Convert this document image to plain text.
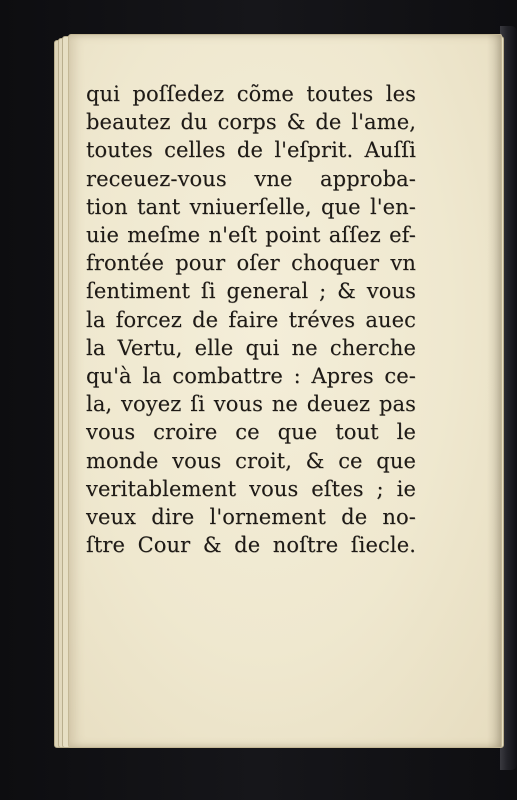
qui poſſedez cõme toutes les
beautez du corps & de l'ame,
toutes celles de l'eſprit. Auſſi
receuez-vous vne approba-
tion tant vniuerſelle, que l'en-
uie meſme n'eſt point aſſez ef-
frontée pour oſer choquer vn
ſentiment ſi general ; & vous
la forcez de faire tréves auec
la Vertu, elle qui ne cherche
qu'à la combattre : Apres ce-
la, voyez ſi vous ne deuez pas
vous croire ce que tout le
monde vous croit, & ce que
veritablement vous eſtes ; ie
veux dire l'ornement de no-
ſtre Cour & de noſtre ſiecle.
